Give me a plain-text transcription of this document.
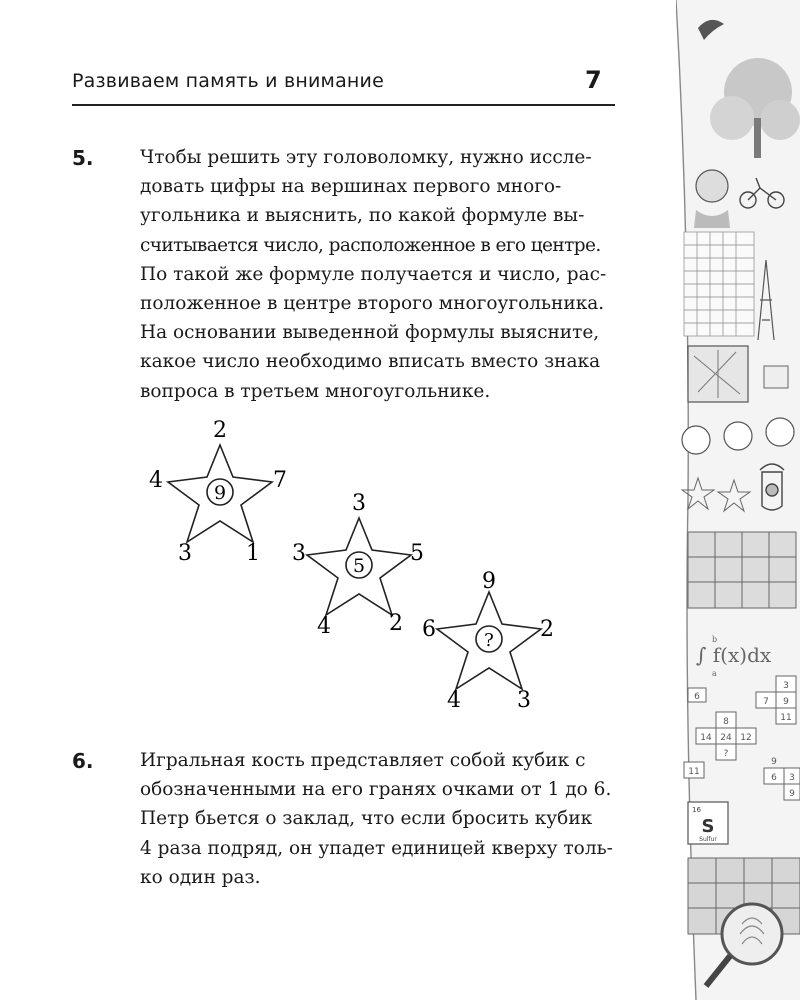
Развиваем память и внимание	7
5.	Чтобы решить эту головоломку, нужно иссле-
довать цифры на вершинах первого много-
угольника и выяснить, по какой формуле вы-
считывается число, расположенное в его центре.
По такой же формуле получается и число, рас-
положенное в центре второго многоугольника.
На основании выведенной формулы выясните,
какое число необходимо вписать вместо знака
вопроса в третьем многоугольнике.
9
2
4	7
3 1	5
3
3	5
4	2
?
9
6	2
4	3
6.	Игральная кость представляет собой кубик с
обозначенными на его гранях очками от 1 до 6.
Петр бьется о заклад, что если бросить кубик
4 раза подряд, он упадет единицей кверху толь-
ко один раз.
∫ f(x)dx
b
a
3
7 9
8
6
14 24 12
11
?
9
6 3
11
9
16
S
Sulfur
